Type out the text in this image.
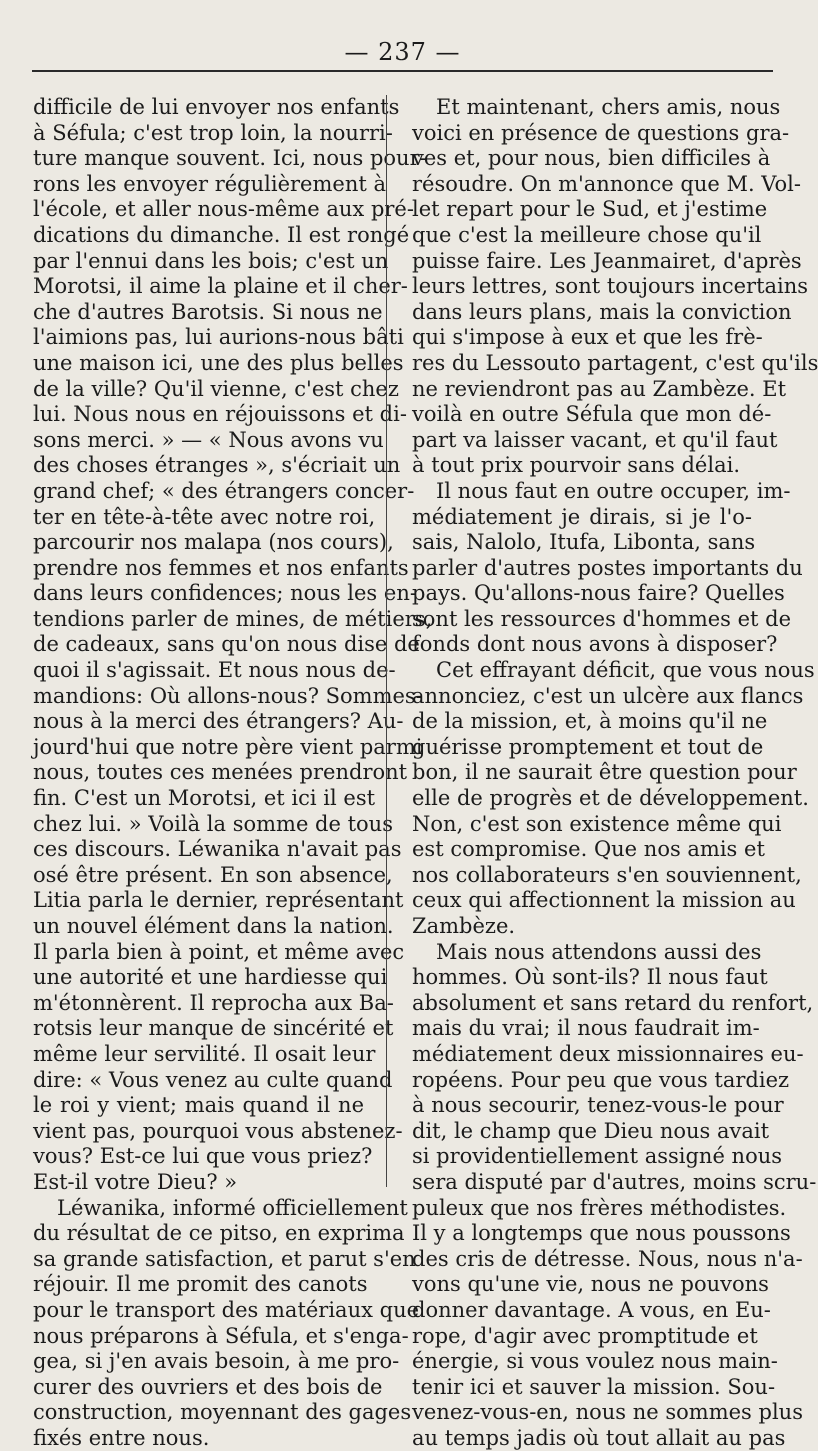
— 237 —
difficile de lui envoyer nos enfants
à Séfula; c'est trop loin, la nourri-
ture manque souvent. Ici, nous pour-
rons les envoyer régulièrement à
l'école, et aller nous-même aux pré-
dications du dimanche. Il est rongé
par l'ennui dans les bois; c'est un
Morotsi, il aime la plaine et il cher-
che d'autres Barotsis. Si nous ne
l'aimions pas, lui aurions-nous bâti
une maison ici, une des plus belles
de la ville? Qu'il vienne, c'est chez
lui. Nous nous en réjouissons et di-
sons merci. » — « Nous avons vu
des choses étranges », s'écriait un
grand chef; « des étrangers concer-
ter en tête-à-tête avec notre roi,
parcourir nos malapa (nos cours),
prendre nos femmes et nos enfants
dans leurs confidences; nous les en-
tendions parler de mines, de métiers,
de cadeaux, sans qu'on nous dise de
quoi il s'agissait. Et nous nous de-
mandions: Où allons-nous? Sommes-
nous à la merci des étrangers? Au-
jourd'hui que notre père vient parmi
nous, toutes ces menées prendront
fin. C'est un Morotsi, et ici il est
chez lui. » Voilà la somme de tous
ces discours. Léwanika n'avait pas
osé être présent. En son absence,
Litia parla le dernier, représentant
un nouvel élément dans la nation.
Il parla bien à point, et même avec
une autorité et une hardiesse qui
m'étonnèrent. Il reprocha aux Ba-
rotsis leur manque de sincérité et
même leur servilité. Il osait leur
dire: « Vous venez au culte quand
le roi y vient; mais quand il ne
vient pas, pourquoi vous abstenez-
vous? Est-ce lui que vous priez?
Est-il votre Dieu? »
Léwanika, informé officiellement
du résultat de ce pitso, en exprima
sa grande satisfaction, et parut s'en
réjouir. Il me promit des canots
pour le transport des matériaux que
nous préparons à Séfula, et s'enga-
gea, si j'en avais besoin, à me pro-
curer des ouvriers et des bois de
construction, moyennant des gages
fixés entre nous.
Et maintenant, chers amis, nous
voici en présence de questions gra-
ves et, pour nous, bien difficiles à
résoudre. On m'annonce que M. Vol-
let repart pour le Sud, et j'estime
que c'est la meilleure chose qu'il
puisse faire. Les Jeanmairet, d'après
leurs lettres, sont toujours incertains
dans leurs plans, mais la conviction
qui s'impose à eux et que les frè-
res du Lessouto partagent, c'est qu'ils
ne reviendront pas au Zambèze. Et
voilà en outre Séfula que mon dé-
part va laisser vacant, et qu'il faut
à tout prix pourvoir sans délai.
Il nous faut en outre occuper, im-
médiatement je dirais, si je l'o-
sais, Nalolo, Itufa, Libonta, sans
parler d'autres postes importants du
pays. Qu'allons-nous faire? Quelles
sont les ressources d'hommes et de
fonds dont nous avons à disposer?
Cet effrayant déficit, que vous nous
annonciez, c'est un ulcère aux flancs
de la mission, et, à moins qu'il ne
guérisse promptement et tout de
bon, il ne saurait être question pour
elle de progrès et de développement.
Non, c'est son existence même qui
est compromise. Que nos amis et
nos collaborateurs s'en souviennent,
ceux qui affectionnent la mission au
Zambèze.
Mais nous attendons aussi des
hommes. Où sont-ils? Il nous faut
absolument et sans retard du renfort,
mais du vrai; il nous faudrait im-
médiatement deux missionnaires eu-
ropéens. Pour peu que vous tardiez
à nous secourir, tenez-vous-le pour
dit, le champ que Dieu nous avait
si providentiellement assigné nous
sera disputé par d'autres, moins scru-
puleux que nos frères méthodistes.
Il y a longtemps que nous poussons
des cris de détresse. Nous, nous n'a-
vons qu'une vie, nous ne pouvons
donner davantage. A vous, en Eu-
rope, d'agir avec promptitude et
énergie, si vous voulez nous main-
tenir ici et sauver la mission. Sou-
venez-vous-en, nous ne sommes plus
au temps jadis où tout allait au pas
